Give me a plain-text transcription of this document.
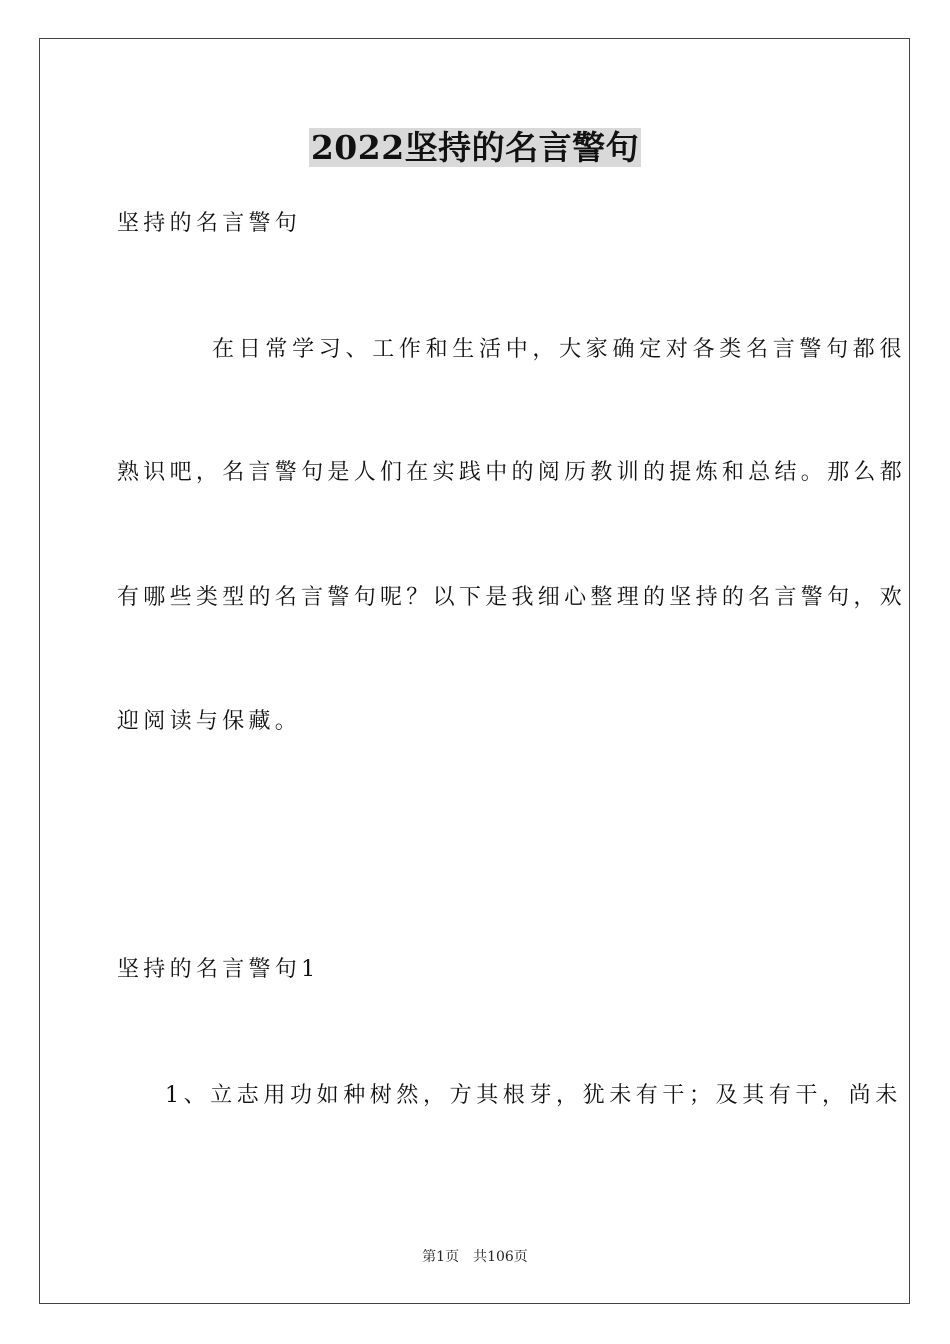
2022坚持的名言警句
坚持的名言警句
在日常学习、工作和生活中，大家确定对各类名言警句都很
熟识吧，名言警句是人们在实践中的阅历教训的提炼和总结。那么都
有哪些类型的名言警句呢？以下是我细心整理的坚持的名言警句，欢
迎阅读与保藏。
坚持的名言警句1
1、立志用功如种树然，方其根芽，犹未有干；及其有干，尚未
第1页　共106页
